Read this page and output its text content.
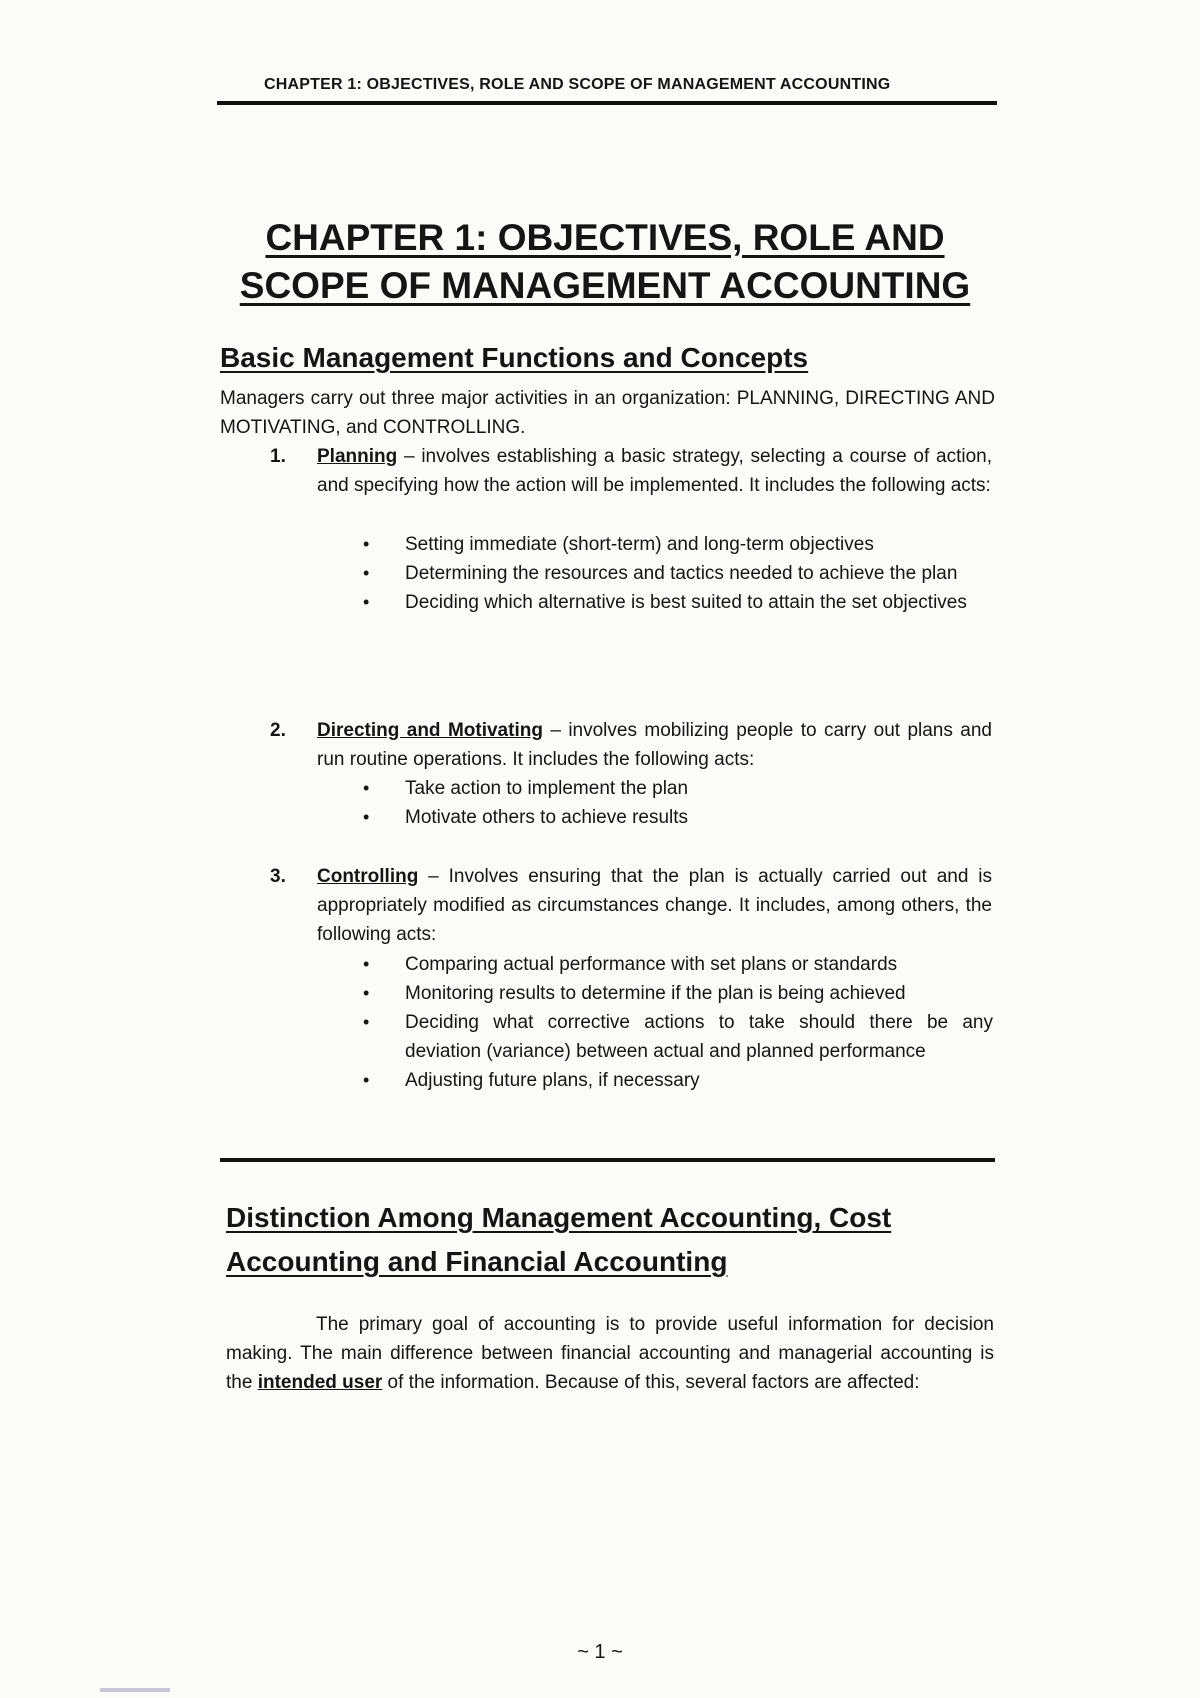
CHAPTER 1: OBJECTIVES, ROLE AND SCOPE OF MANAGEMENT ACCOUNTING
CHAPTER 1: OBJECTIVES, ROLE AND
SCOPE OF MANAGEMENT ACCOUNTING
Basic Management Functions and Concepts
Managers carry out three major activities in an organization: PLANNING, DIRECTING AND MOTIVATING, and CONTROLLING.
1. Planning – involves establishing a basic strategy, selecting a course of action, and specifying how the action will be implemented. It includes the following acts:
• Setting immediate (short-term) and long-term objectives
• Determining the resources and tactics needed to achieve the plan
• Deciding which alternative is best suited to attain the set objectives
2. Directing and Motivating – involves mobilizing people to carry out plans and run routine operations. It includes the following acts:
• Take action to implement the plan
• Motivate others to achieve results
3. Controlling – Involves ensuring that the plan is actually carried out and is appropriately modified as circumstances change. It includes, among others, the following acts:
• Comparing actual performance with set plans or standards
• Monitoring results to determine if the plan is being achieved
• Deciding what corrective actions to take should there be any deviation (variance) between actual and planned performance
• Adjusting future plans, if necessary
Distinction Among Management Accounting, Cost
Accounting and Financial Accounting
The primary goal of accounting is to provide useful information for decision making. The main difference between financial accounting and managerial accounting is the intended user of the information. Because of this, several factors are affected:
~ 1 ~
